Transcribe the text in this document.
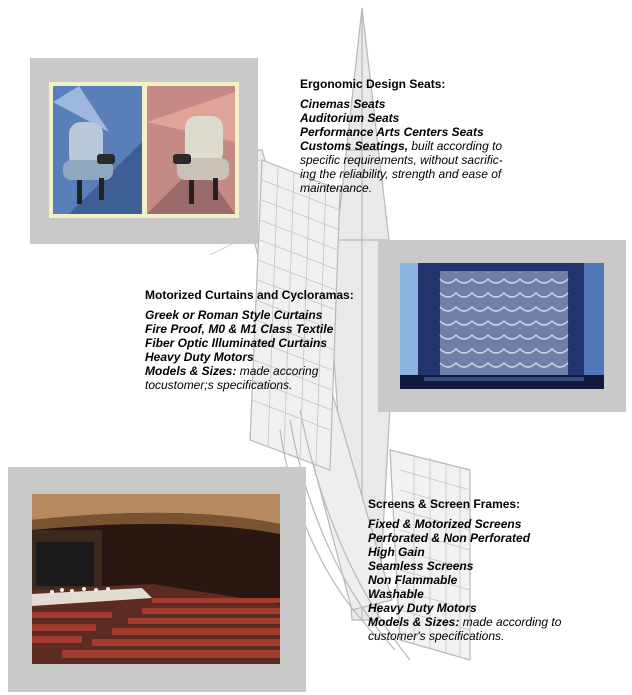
Ergonomic Design Seats:
Cinemas Seats
Auditorium Seats
Performance Arts Centers Seats
Customs Seatings, built according to
specific requirements, without sacrific-
ing the reliability, strength and ease of
maintenance.
Motorized Curtains and Cycloramas:
Greek or Roman Style Curtains
Fire Proof, M0 & M1 Class Textile
Fiber Optic Illuminated Curtains
Heavy Duty Motors
Models & Sizes: made accoring
tocustomer;s specifications.
Screens & Screen Frames:
Fixed & Motorized Screens
Perforated & Non Perforated
High Gain
Seamless Screens
Non Flammable
Washable
Heavy Duty Motors
Models & Sizes: made according to
customer's specifications.
